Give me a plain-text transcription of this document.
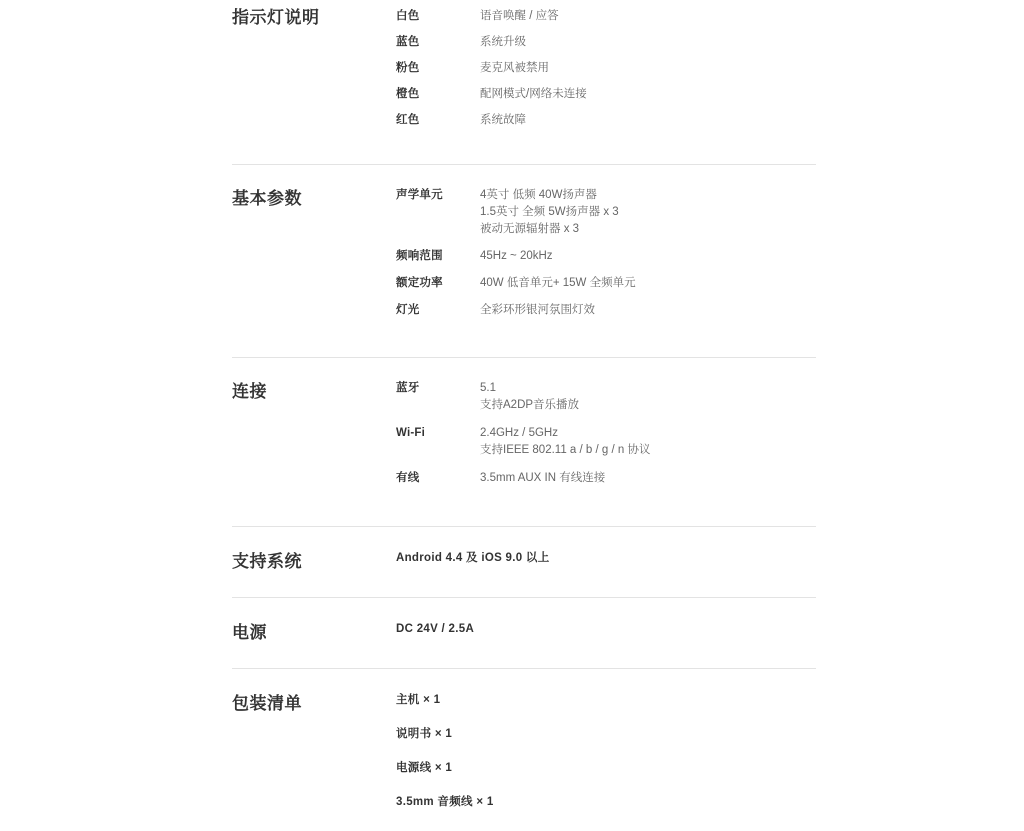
指示灯说明	白色	语音唤醒 / 应答
蓝色	系统升级
粉色	麦克风被禁用
橙色	配网模式/网络未连接
红色	系统故障
基本参数	声学单元	4英寸 低频 40W扬声器
1.5英寸 全频 5W扬声器 x 3
被动无源辐射器 x 3
频响范围	45Hz ~ 20kHz
额定功率	40W 低音单元+ 15W 全频单元
灯光	全彩环形银河氛围灯效
连接	蓝牙	5.1
支持A2DP音乐播放
Wi-Fi	2.4GHz / 5GHz
支持IEEE 802.11 a / b / g / n 协议
有线	3.5mm AUX IN 有线连接
支持系统	Android 4.4 及 iOS 9.0 以上
电源	DC 24V / 2.5A
包装清单	主机 × 1
说明书 × 1
电源线 × 1
3.5mm 音频线 × 1
